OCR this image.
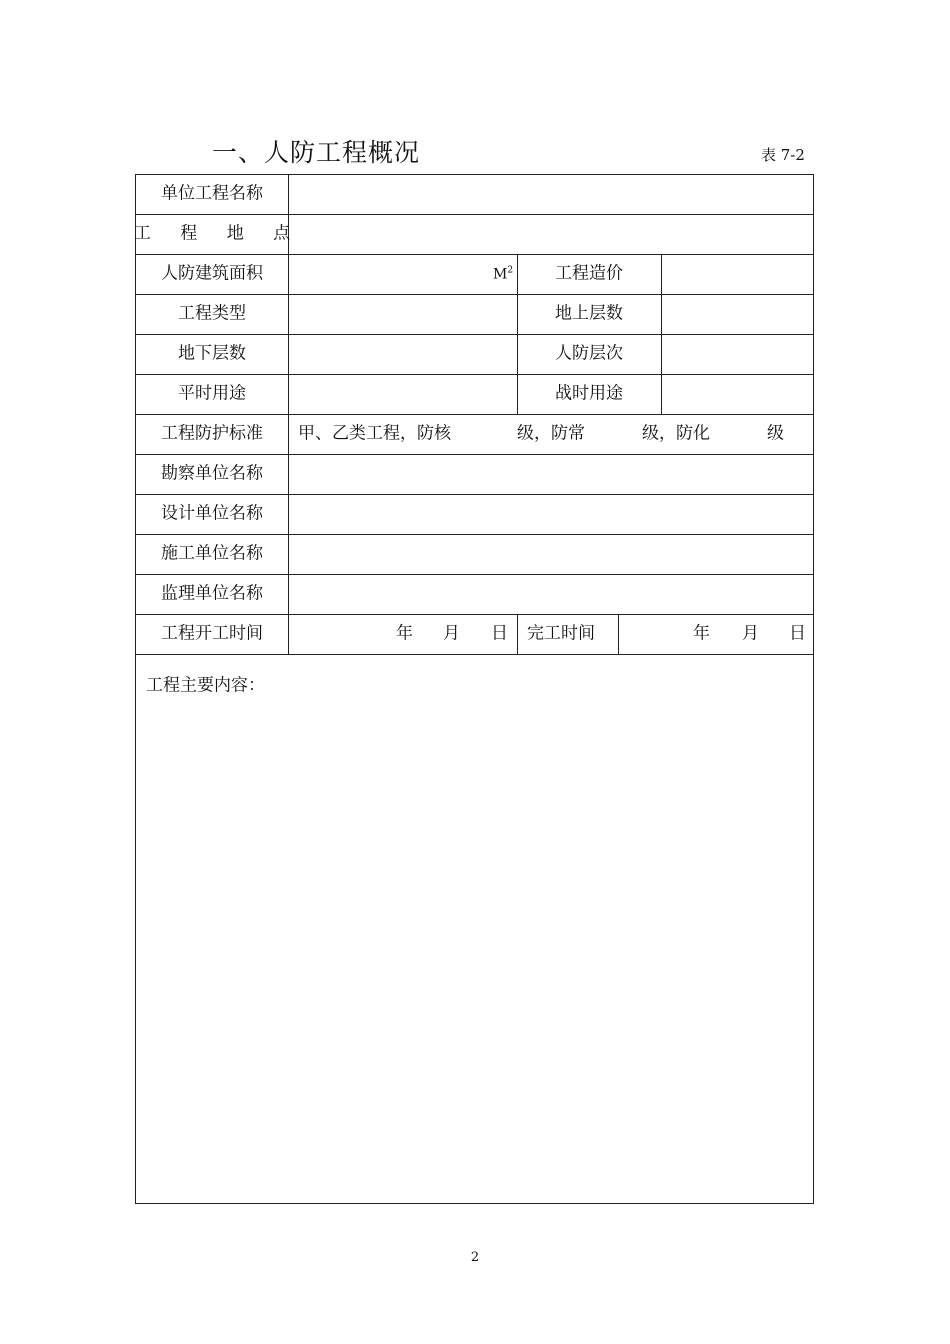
一、人防工程概况	表 7-2
单位工程名称
工 程 地 点
人防建筑面积	$M^2$ 工程造价
工程类型	地上层数
地下层数	人防层次
平时用途	战时用途
工程防护标准 甲、乙类工程，防核	级，防常	级，防化	级
勘察单位名称
设计单位名称
施工单位名称
监理单位名称
工程开工时间	年 月 日 完工时间	年 月 日
工程主要内容：
2
